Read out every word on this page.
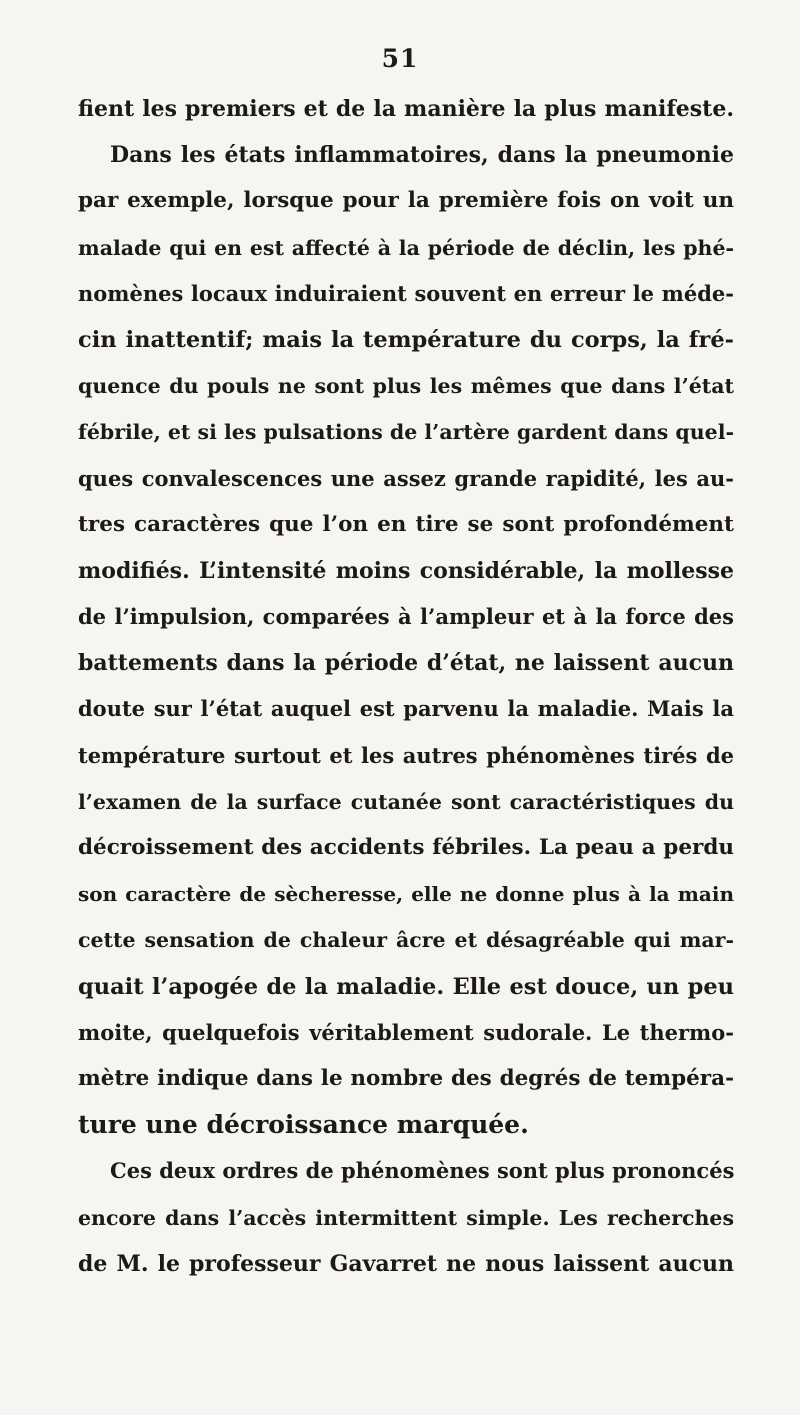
51
fient les premiers et de la manière la plus manifeste.
Dans les états inflammatoires, dans la pneumonie
par exemple, lorsque pour la première fois on voit un
malade qui en est affecté à la période de déclin, les phé-
nomènes locaux induiraient souvent en erreur le méde-
cin inattentif; mais la température du corps, la fré-
quence du pouls ne sont plus les mêmes que dans l’état
fébrile, et si les pulsations de l’artère gardent dans quel-
ques convalescences une assez grande rapidité, les au-
tres caractères que l’on en tire se sont profondément
modifiés. L’intensité moins considérable, la mollesse
de l’impulsion, comparées à l’ampleur et à la force des
battements dans la période d’état, ne laissent aucun
doute sur l’état auquel est parvenu la maladie. Mais la
température surtout et les autres phénomènes tirés de
l’examen de la surface cutanée sont caractéristiques du
décroissement des accidents fébriles. La peau a perdu
son caractère de sècheresse, elle ne donne plus à la main
cette sensation de chaleur âcre et désagréable qui mar-
quait l’apogée de la maladie. Elle est douce, un peu
moite, quelquefois véritablement sudorale. Le thermo-
mètre indique dans le nombre des degrés de tempéra-
ture une décroissance marquée.
Ces deux ordres de phénomènes sont plus prononcés
encore dans l’accès intermittent simple. Les recherches
de M. le professeur Gavarret ne nous laissent aucun
